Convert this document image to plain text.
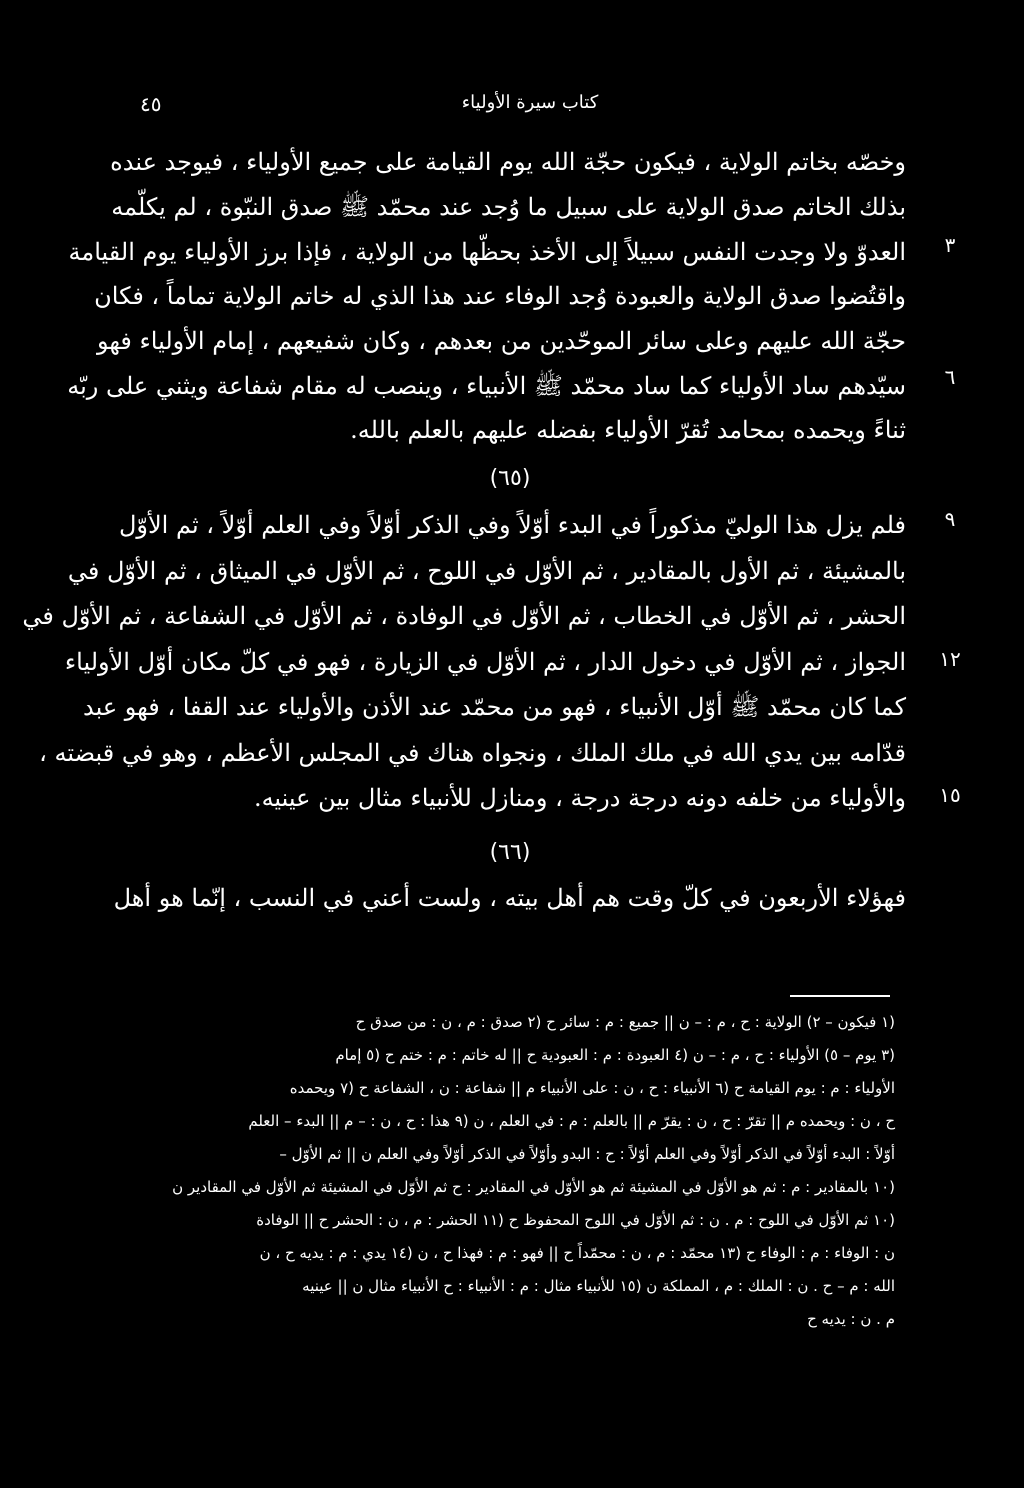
٤٥	كتاب سيرة الأولياء
٣
٦
٩
١٢
١٥
وخصّه بخاتم الولاية ، فيكون حجّة الله يوم القيامة على جميع الأولياء ، فيوجد عنده
بذلك الخاتم صدق الولاية على سبيل ما وُجد عند محمّد ﷺ صدق النبّوة ، لم يكلّمه
العدوّ ولا وجدت النفس سبيلاً إلى الأخذ بحظّها من الولاية ، فإذا برز الأولياء يوم القيامة
واقتُضوا صدق الولاية والعبودة وُجد الوفاء عند هذا الذي له خاتم الولاية تماماً ، فكان
حجّة الله عليهم وعلى سائر الموحّدين من بعدهم ، وكان شفيعهم ، إمام الأولياء فهو
سيّدهم ساد الأولياء كما ساد محمّد ﷺ الأنبياء ، وينصب له مقام شفاعة ويثني على ربّه
ثناءً ويحمده بمحامد تُقرّ الأولياء بفضله عليهم بالعلم بالله.
(٦٥)
فلم يزل هذا الوليّ مذكوراً في البدء أوّلاً وفي الذكر أوّلاً وفي العلم أوّلاً ، ثم الأوّل
بالمشيئة ، ثم الأول بالمقادير ، ثم الأوّل في اللوح ، ثم الأوّل في الميثاق ، ثم الأوّل في
الحشر ، ثم الأوّل في الخطاب ، ثم الأوّل في الوفادة ، ثم الأوّل في الشفاعة ، ثم الأوّل في
الجواز ، ثم الأوّل في دخول الدار ، ثم الأوّل في الزيارة ، فهو في كلّ مكان أوّل الأولياء
كما كان محمّد ﷺ أوّل الأنبياء ، فهو من محمّد عند الأذن والأولياء عند القفا ، فهو عبد
قدّامه بين يدي الله في ملك الملك ، ونجواه هناك في المجلس الأعظم ، وهو في قبضته ،
والأولياء من خلفه دونه درجة درجة ، ومنازل للأنبياء مثال بين عينيه.
(٦٦)
فهؤلاء الأربعون في كلّ وقت هم أهل بيته ، ولست أعني في النسب ، إنّما هو أهل
(١ فيكون – ٢) الولاية : ح ، م : – ن || جميع : م : سائر ح (٢ صدق : م ، ن : من صدق ح
(٣ يوم – ٥) الأولياء : ح ، م : – ن (٤ العبودة : م : العبودية ح || له خاتم : م : ختم ح (٥ إمام
الأولياء : م : يوم القيامة ح (٦ الأنبياء : ح ، ن : على الأنبياء م || شفاعة : ن ، الشفاعة ح (٧ ويحمده
ح ، ن : ويحمده م || تقرّ : ح ، ن : يقرّ م || بالعلم : م : في العلم ، ن (٩ هذا : ح ، ن : – م || البدء – العلم
أوّلاً : البدء أوّلاً في الذكر أوّلاً وفي العلم أوّلاً : ح : البدو وأوّلاً في الذكر أوّلاً وفي العلم ن || ثم الأوّل –
(١٠ بالمقادير : م : ثم هو الأوّل في المشيئة ثم هو الأوّل في المقادير : ح ثم الأوّل في المشيئة ثم الأوّل في المقادير ن
(١٠ ثم الأوّل في اللوح : م . ن : ثم الأوّل في اللوح المحفوظ ح (١١ الحشر : م ، ن : الحشر ح || الوفادة
ن : الوفاء : م : الوفاء ح (١٣ محمّد : م ، ن : محمّداً ح || فهو : م : فهذا ح ، ن (١٤ يدي : م : يديه ح ، ن
الله : م – ح . ن : الملك : م ، المملكة ن (١٥ للأنبياء مثال : م : الأنبياء : ح الأنبياء مثال ن || عينيه
م . ن : يديه ح
